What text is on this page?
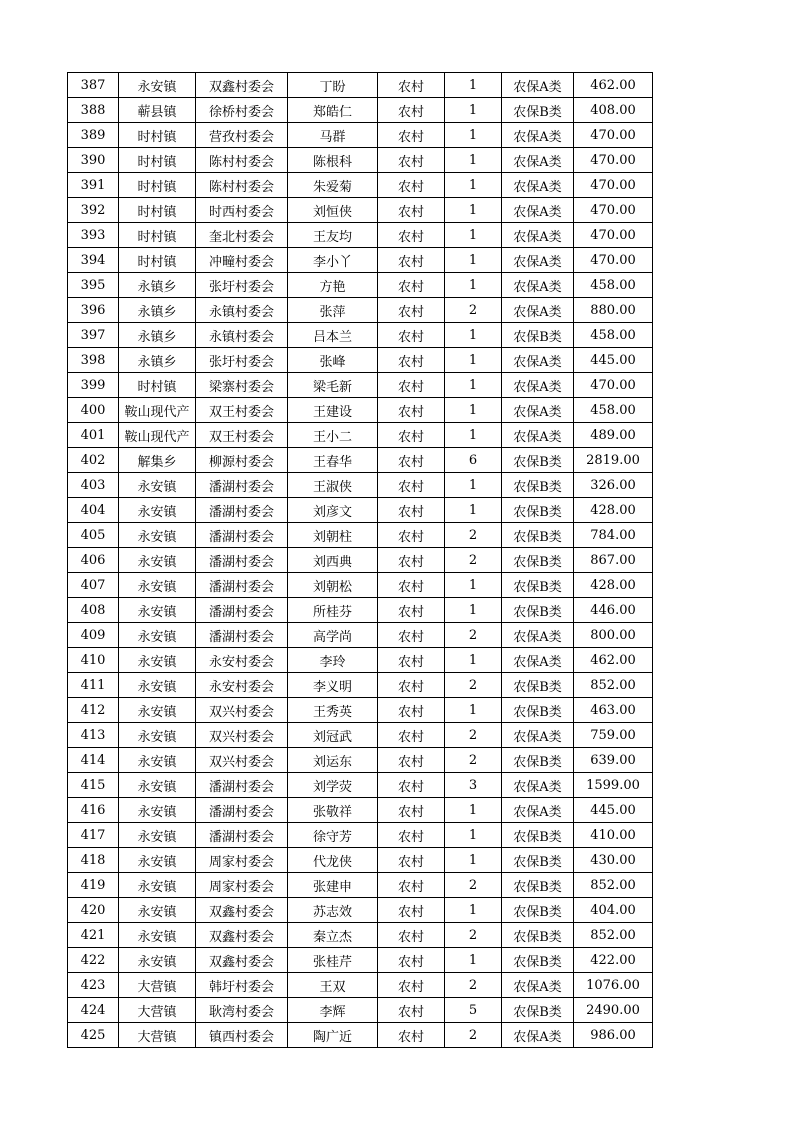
387	永安镇	双鑫村委会	丁盼	农村	1	农保A类	462.00
388	蕲县镇	徐桥村委会	郑皓仁	农村	1	农保B类	408.00
389	时村镇	营孜村委会	马群	农村	1	农保A类	470.00
390	时村镇	陈村村委会	陈根科	农村	1	农保A类	470.00
391	时村镇	陈村村委会	朱爱菊	农村	1	农保A类	470.00
392	时村镇	时西村委会	刘恒侠	农村	1	农保A类	470.00
393	时村镇	奎北村委会	王友均	农村	1	农保A类	470.00
394	时村镇	冲疃村委会	李小丫	农村	1	农保A类	470.00
395	永镇乡	张圩村委会	方艳	农村	1	农保A类	458.00
396	永镇乡	永镇村委会	张萍	农村	2	农保A类	880.00
397	永镇乡	永镇村委会	吕本兰	农村	1	农保B类	458.00
398	永镇乡	张圩村委会	张峰	农村	1	农保A类	445.00
399	时村镇	梁寨村委会	梁毛新	农村	1	农保A类	470.00
400	鞍山现代产	双王村委会	王建设	农村	1	农保A类	458.00
401	鞍山现代产	双王村委会	王小二	农村	1	农保A类	489.00
402	解集乡	柳源村委会	王春华	农村	6	农保B类	2819.00
403	永安镇	潘湖村委会	王淑侠	农村	1	农保B类	326.00
404	永安镇	潘湖村委会	刘彦文	农村	1	农保B类	428.00
405	永安镇	潘湖村委会	刘朝柱	农村	2	农保B类	784.00
406	永安镇	潘湖村委会	刘西典	农村	2	农保B类	867.00
407	永安镇	潘湖村委会	刘朝松	农村	1	农保B类	428.00
408	永安镇	潘湖村委会	所桂芬	农村	1	农保B类	446.00
409	永安镇	潘湖村委会	高学尚	农村	2	农保A类	800.00
410	永安镇	永安村委会	李玲	农村	1	农保A类	462.00
411	永安镇	永安村委会	李义明	农村	2	农保B类	852.00
412	永安镇	双兴村委会	王秀英	农村	1	农保B类	463.00
413	永安镇	双兴村委会	刘冠武	农村	2	农保A类	759.00
414	永安镇	双兴村委会	刘运东	农村	2	农保B类	639.00
415	永安镇	潘湖村委会	刘学荧	农村	3	农保A类	1599.00
416	永安镇	潘湖村委会	张敬祥	农村	1	农保A类	445.00
417	永安镇	潘湖村委会	徐守芳	农村	1	农保B类	410.00
418	永安镇	周家村委会	代龙侠	农村	1	农保B类	430.00
419	永安镇	周家村委会	张建申	农村	2	农保B类	852.00
420	永安镇	双鑫村委会	苏志效	农村	1	农保B类	404.00
421	永安镇	双鑫村委会	秦立杰	农村	2	农保B类	852.00
422	永安镇	双鑫村委会	张桂芹	农村	1	农保B类	422.00
423	大营镇	韩圩村委会	王双	农村	2	农保A类	1076.00
424	大营镇	耿湾村委会	李辉	农村	5	农保B类	2490.00
425	大营镇	镇西村委会	陶广近	农村	2	农保A类	986.00
